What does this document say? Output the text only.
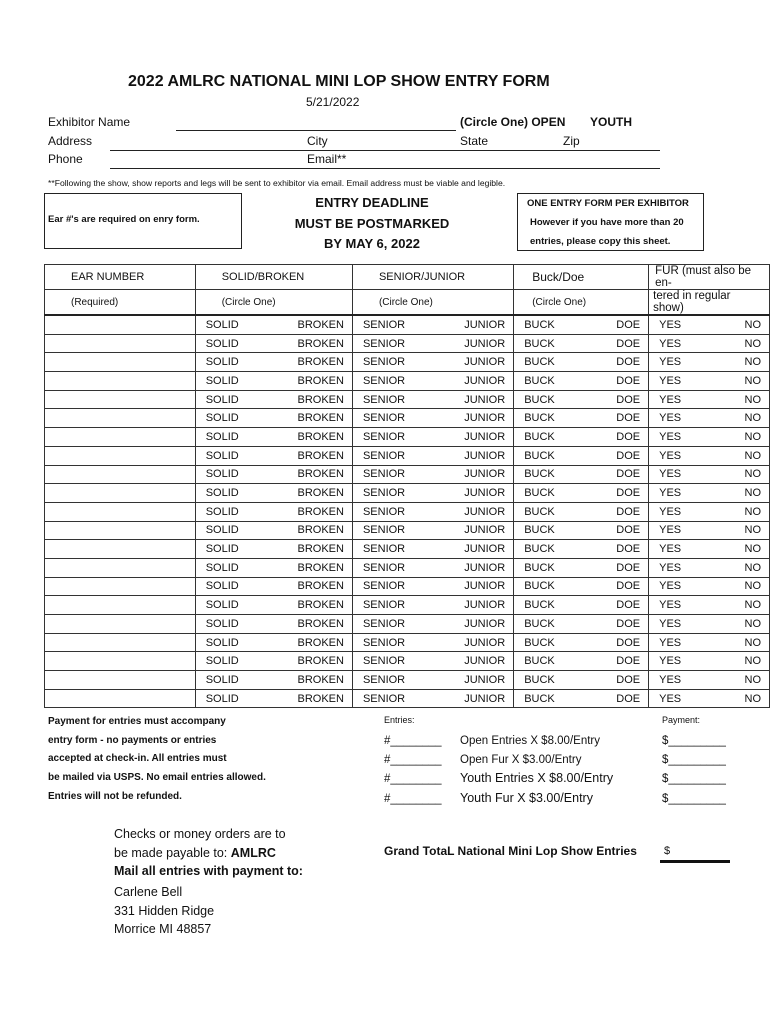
2022 AMLRC NATIONAL MINI LOP SHOW ENTRY FORM
5/21/2022
Exhibitor Name	(Circle One) OPEN YOUTH
Address	City	State	Zip
Phone	Email**
**Following the show, show reports and legs will be sent to exhibitor via email. Email address must be viable and legible.
Ear #'s are required on enry form.
ENTRY DEADLINE
MUST BE POSTMARKED
BY MAY 6, 2022
ONE ENTRY FORM PER EXHIBITOR
However if you have more than 20
entries, please copy this sheet.
EAR NUMBER	SOLID/BROKEN	SENIOR/JUNIOR	Buck/Doe	FUR (must also be en-
(Required)	(Circle One)	(Circle One)	(Circle One)	tered in regular show)

	SOLID BROKEN	SENIOR JUNIOR	BUCK DOE	YES NO

	SOLID BROKEN	SENIOR JUNIOR	BUCK DOE	YES NO

	SOLID BROKEN	SENIOR JUNIOR	BUCK DOE	YES NO

	SOLID BROKEN	SENIOR JUNIOR	BUCK DOE	YES NO

	SOLID BROKEN	SENIOR JUNIOR	BUCK DOE	YES NO

	SOLID BROKEN	SENIOR JUNIOR	BUCK DOE	YES NO

	SOLID BROKEN	SENIOR JUNIOR	BUCK DOE	YES NO

	SOLID BROKEN	SENIOR JUNIOR	BUCK DOE	YES NO

	SOLID BROKEN	SENIOR JUNIOR	BUCK DOE	YES NO

	SOLID BROKEN	SENIOR JUNIOR	BUCK DOE	YES NO

	SOLID BROKEN	SENIOR JUNIOR	BUCK DOE	YES NO

	SOLID BROKEN	SENIOR JUNIOR	BUCK DOE	YES NO

	SOLID BROKEN	SENIOR JUNIOR	BUCK DOE	YES NO

	SOLID BROKEN	SENIOR JUNIOR	BUCK DOE	YES NO

	SOLID BROKEN	SENIOR JUNIOR	BUCK DOE	YES NO

	SOLID BROKEN	SENIOR JUNIOR	BUCK DOE	YES NO

	SOLID BROKEN	SENIOR JUNIOR	BUCK DOE	YES NO

	SOLID BROKEN	SENIOR JUNIOR	BUCK DOE	YES NO

	SOLID BROKEN	SENIOR JUNIOR	BUCK DOE	YES NO

	SOLID BROKEN	SENIOR JUNIOR	BUCK DOE	YES NO

	SOLID BROKEN	SENIOR JUNIOR	BUCK DOE	YES NO
Payment for entries must accompany
entry form - no payments or entries
accepted at check-in. All entries must
be mailed via USPS. No email entries allowed.
Entries will not be refunded.
Entries:	Payment:
#________ Open Entries X $8.00/Entry	$_________
#________ Open Fur X $3.00/Entry	$_________
#________ Youth Entries X $8.00/Entry	$_________
#________ Youth Fur X $3.00/Entry	$_________
Checks or money orders are to
be made payable to: AMLRC
Mail all entries with payment to:
Carlene Bell
331 Hidden Ridge
Morrice MI 48857
Grand TotaL National Mini Lop Show Entries $
